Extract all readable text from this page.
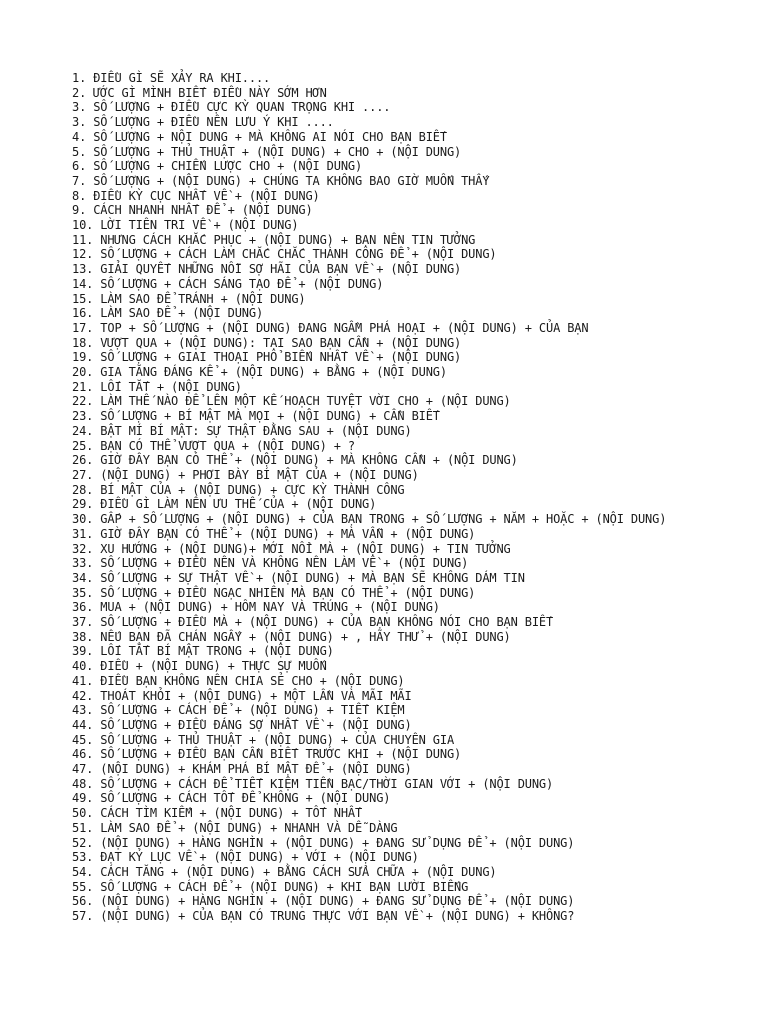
1. ĐIỀU GÌ SẼ XẢY RA KHI....
2. ƯỚC GÌ MÌNH BIẾT ĐIỀU NÀY SỚM HƠN
3. SỐ LƯỢNG + ĐIỀU CỰC KỲ QUAN TRỌNG KHI ....
3. SỐ LƯỢNG + ĐIỀU NÊN LƯU Ý KHI ....
4. SỐ LƯỢNG + NỘI DUNG + MÀ KHÔNG AI NÓI CHO BẠN BIẾT
5. SỐ LƯỢNG + THỦ THUẬT + (NỘI DUNG) + CHO + (NỘI DUNG)
6. SỐ LƯỢNG + CHIẾN LƯỢC CHO + (NỘI DUNG)
7. SỐ LƯỢNG + (NỘI DUNG) + CHÚNG TA KHÔNG BAO GIỜ MUỐN THẤY
8. ĐIỀU KỲ CỤC NHẤT VỀ + (NỘI DUNG)
9. CÁCH NHANH NHẤT ĐỂ + (NỘI DUNG)
10. LỜI TIÊN TRI VỀ + (NỘI DUNG)
11. NHƯNG CÁCH KHẮC PHỤC + (NỘI DUNG) + BẠN NÊN TIN TƯỞNG
12. SỐ LƯỢNG + CÁCH LÀM CHẮC CHẮC THÀNH CÔNG ĐỂ + (NỘI DUNG)
13. GIẢI QUYẾT NHỮNG NỖI SỢ HÃI CỦA BẠN VỀ + (NỘI DUNG)
14. SỐ LƯỢNG + CÁCH SÁNG TẠO ĐỂ + (NỘI DUNG)
15. LÀM SAO ĐỂ TRÁNH + (NỘI DUNG)
16. LÀM SAO ĐỂ + (NỘI DUNG)
17. TOP + SỐ LƯỢNG + (NỘI DUNG) ĐANG NGẦM PHÁ HOẠI + (NỘI DUNG) + CỦA BẠN
18. VƯỢT QUA + (NỘI DUNG): TẠI SAO BẠN CẦN + (NỘI DUNG)
19. SỐ LƯỢNG + GIAI THOẠI PHỔ BIẾN NHẤT VỀ + (NỘI DUNG)
20. GIA TĂNG ĐÁNG KỂ + (NỘI DUNG) + BẰNG + (NỘI DUNG)
21. LỐI TẮT + (NỘI DUNG)
22. LÀM THẾ NÀO ĐỂ LÊN MỘT KẾ HOẠCH TUYỆT VỜI CHO + (NỘI DUNG)
23. SỐ LƯỢNG + BÍ MẬT MÀ MỌI + (NỘI DUNG) + CẦN BIẾT
24. BẬT MÍ BÍ MẬT: SỰ THẬT ĐẰNG SAU + (NỘI DUNG)
25. BẠN CÓ THỂ VƯỢT QUA + (NỘI DUNG) + ?
26. GIỜ ĐÂY BẠN CÓ THỂ + (NỘI DUNG) + MÀ KHÔNG CẦN + (NỘI DUNG)
27. (NỘI DUNG) + PHƠI BÀY BÍ MẬT CỦA + (NỘI DUNG)
28. BÍ MẬT CỦA + (NỘI DUNG) + CỰC KỲ THÀNH CÔNG
29. ĐIỀU GÌ LÀM NÊN ƯU THẾ CỦA + (NỘI DUNG)
30. GẤP + SỐ LƯỢNG + (NỘI DUNG) + CỦA BẠN TRONG + SỐ LƯỢNG + NĂM + HOẶC + (NỘI DUNG)
31. GIỜ ĐÂY BẠN CÓ THỂ + (NỘI DUNG) + MÀ VẪN + (NỘI DUNG)
32. XU HƯỚNG + (NỘI DUNG)+ MỚI NỔI MÀ + (NỘI DUNG) + TIN TƯỞNG
33. SỐ LƯỢNG + ĐIỀU NÊN VÀ KHÔNG NÊN LÀM VỀ + (NỘI DUNG)
34. SỐ LƯỢNG + SỰ THẬT VỀ + (NỘI DUNG) + MÀ BẠN SẼ KHÔNG DÁM TIN
35. SỐ LƯỢNG + ĐIỀU NGẠC NHIÊN MÀ BẠN CÓ THỂ + (NỘI DUNG)
36. MUA + (NỘI DUNG) + HÔM NAY VÀ TRÚNG + (NỘI DUNG)
37. SỐ LƯỢNG + ĐIỀU MÀ + (NỘI DUNG) + CỦA BẠN KHÔNG NÓI CHO BẠN BIẾT
38. NẾU BẠN ĐÃ CHÁN NGẤY + (NỘI DUNG) + , HÃY THỬ + (NỘI DUNG)
39. LỐI TẮT BÍ MẬT TRONG + (NỘI DUNG)
40. ĐIỀU + (NỘI DUNG) + THỰC SỰ MUỐN
41. ĐIỀU BẠN KHÔNG NÊN CHIA SẺ CHO + (NỘI DUNG)
42. THOÁT KHỎI + (NỘI DUNG) + MỘT LẦN VÀ MÃI MÃI
43. SỐ LƯỢNG + CÁCH ĐỂ + (NỘI DUNG) + TIẾT KIỆM
44. SỐ LƯỢNG + ĐIỀU ĐÁNG SỢ NHẤT VỀ + (NỘI DUNG)
45. SỐ LƯỢNG + THỦ THUẬT + (NỘI DUNG) + CỦA CHUYÊN GIA
46. SỐ LƯỢNG + ĐIỀU BẠN CẦN BIẾT TRƯỚC KHI + (NỘI DUNG)
47. (NỘI DUNG) + KHÁM PHÁ BÍ MẬT ĐỂ + (NỘI DUNG)
48. SỐ LƯỢNG + CÁCH ĐỂ TIẾT KIỆM TIỀN BẠC/THỜI GIAN VỚI + (NỘI DUNG)
49. SỐ LƯỢNG + CÁCH TỐT ĐỂ KHÔNG + (NỘI DUNG)
50. CÁCH TÌM KIẾM + (NỘI DUNG) + TỐT NHẤT
51. LÀM SAO ĐỂ + (NỘI DUNG) + NHANH VÀ DỄ DÀNG
52. (NỘI DUNG) + HÀNG NGHÌN + (NỘI DUNG) + ĐANG SỬ DỤNG ĐỂ + (NỘI DUNG)
53. ĐẠT KỶ LỤC VỀ + (NỘI DUNG) + VỚI + (NỘI DUNG)
54. CÁCH TĂNG + (NỘI DUNG) + BẰNG CÁCH SỬA CHỮA + (NỘI DUNG)
55. SỐ LƯỢNG + CÁCH ĐỂ + (NỘI DUNG) + KHI BẠN LƯỜI BIẾNG
56. (NỘI DUNG) + HÀNG NGHÌN + (NỘI DUNG) + ĐANG SỬ DỤNG ĐỂ + (NỘI DUNG)
57. (NỘI DUNG) + CỦA BẠN CÓ TRUNG THỰC VỚI BẠN VỀ + (NỘI DUNG) + KHÔNG?
